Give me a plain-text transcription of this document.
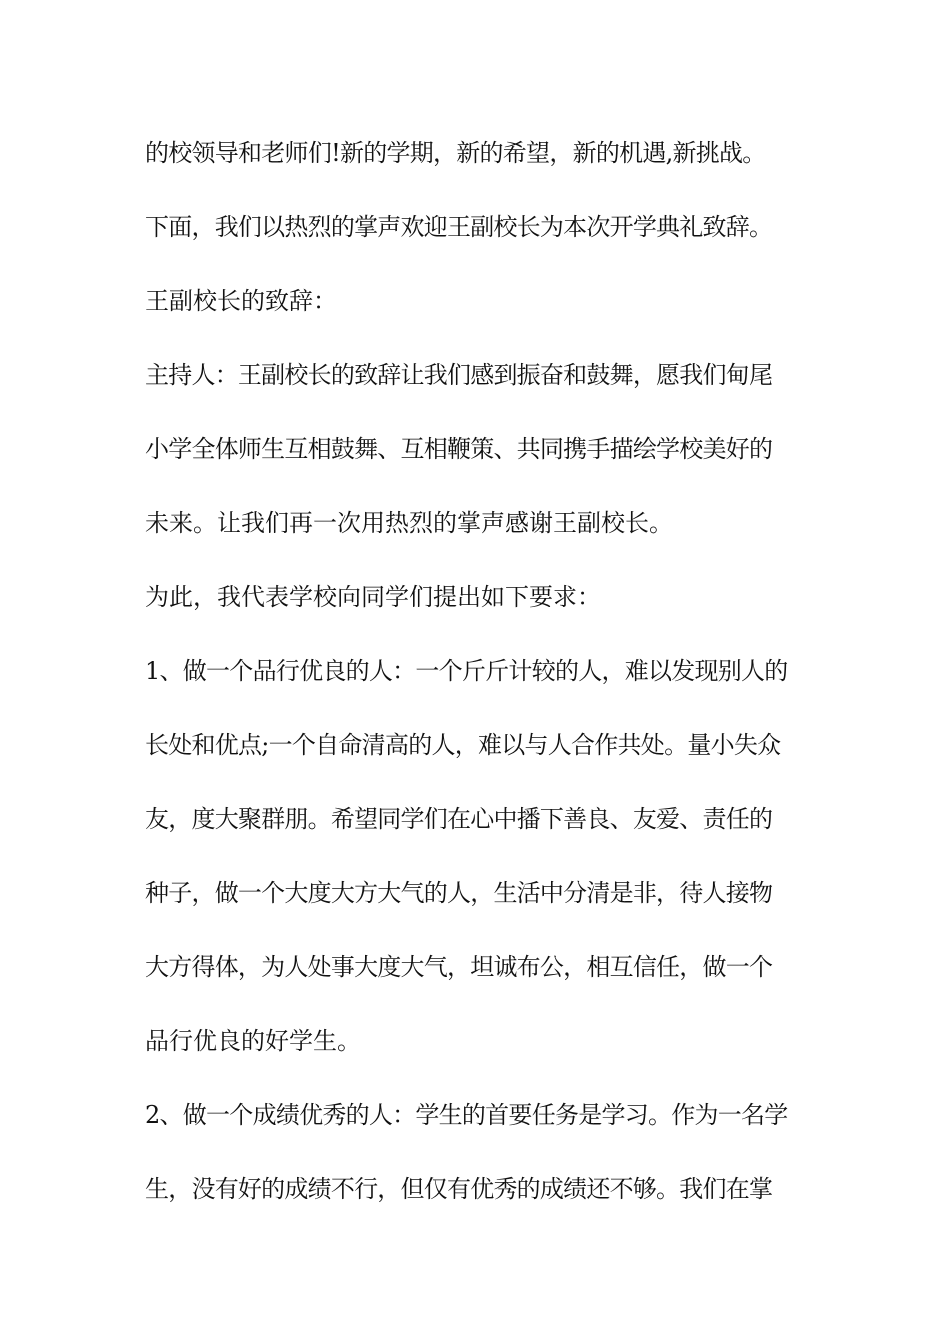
的校领导和老师们!新的学期，新的希望，新的机遇,新挑战。
下面，我们以热烈的掌声欢迎王副校长为本次开学典礼致辞。
王副校长的致辞：
主持人：王副校长的致辞让我们感到振奋和鼓舞，愿我们甸尾
小学全体师生互相鼓舞、互相鞭策、共同携手描绘学校美好的
未来。让我们再一次用热烈的掌声感谢王副校长。
为此，我代表学校向同学们提出如下要求：
1、做一个品行优良的人：一个斤斤计较的人，难以发现别人的
长处和优点;一个自命清高的人，难以与人合作共处。量小失众
友，度大聚群朋。希望同学们在心中播下善良、友爱、责任的
种子，做一个大度大方大气的人，生活中分清是非，待人接物
大方得体，为人处事大度大气，坦诚布公，相互信任，做一个
品行优良的好学生。
2、做一个成绩优秀的人：学生的首要任务是学习。作为一名学
生，没有好的成绩不行，但仅有优秀的成绩还不够。我们在掌
